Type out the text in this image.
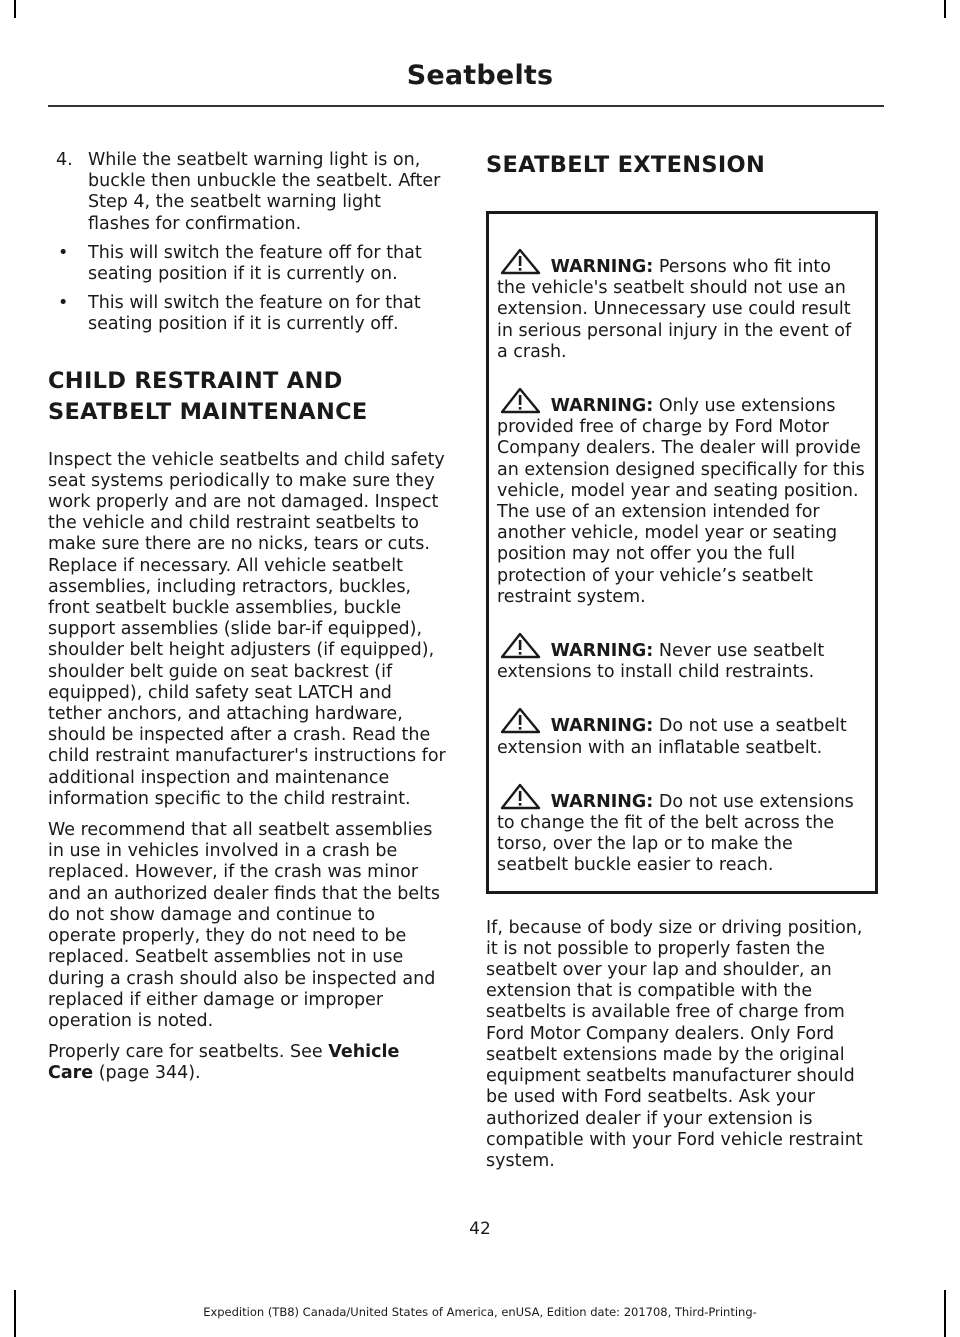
Seatbelts
4. While the seatbelt warning light is on, buckle then unbuckle the seatbelt. After Step 4, the seatbelt warning light flashes for confirmation.
• This will switch the feature off for that seating position if it is currently on.
• This will switch the feature on for that seating position if it is currently off.
CHILD RESTRAINT AND
SEATBELT MAINTENANCE

Inspect the vehicle seatbelts and child safety seat systems periodically to make sure they work properly and are not damaged. Inspect the vehicle and child restraint seatbelts to make sure there are no nicks, tears or cuts. Replace if necessary. All vehicle seatbelt assemblies, including retractors, buckles, front seatbelt buckle assemblies, buckle support assemblies (slide bar-if equipped), shoulder belt height adjusters (if equipped), shoulder belt guide on seat backrest (if equipped), child safety seat LATCH and tether anchors, and attaching hardware, should be inspected after a crash. Read the child restraint manufacturer's instructions for additional inspection and maintenance information specific to the child restraint.

We recommend that all seatbelt assemblies in use in vehicles involved in a crash be replaced. However, if the crash was minor and an authorized dealer finds that the belts do not show damage and continue to operate properly, they do not need to be replaced. Seatbelt assemblies not in use during a crash should also be inspected and replaced if either damage or improper operation is noted.

Properly care for seatbelts. See Vehicle Care (page 344).

SEATBELT EXTENSION
WARNING: Persons who fit into the vehicle's seatbelt should not use an extension. Unnecessary use could result in serious personal injury in the event of a crash.
WARNING: Only use extensions provided free of charge by Ford Motor Company dealers. The dealer will provide an extension designed specifically for this vehicle, model year and seating position. The use of an extension intended for another vehicle, model year or seating position may not offer you the full protection of your vehicle’s seatbelt restraint system.
WARNING: Never use seatbelt extensions to install child restraints.
WARNING: Do not use a seatbelt extension with an inflatable seatbelt.
WARNING: Do not use extensions to change the fit of the belt across the torso, over the lap or to make the seatbelt buckle easier to reach.

If, because of body size or driving position, it is not possible to properly fasten the seatbelt over your lap and shoulder, an extension that is compatible with the seatbelts is available free of charge from Ford Motor Company dealers. Only Ford seatbelt extensions made by the original equipment seatbelts manufacturer should be used with Ford seatbelts. Ask your authorized dealer if your extension is compatible with your Ford vehicle restraint system.

42
Expedition (TB8) Canada/United States of America, enUSA, Edition date: 201708, Third-Printing-
